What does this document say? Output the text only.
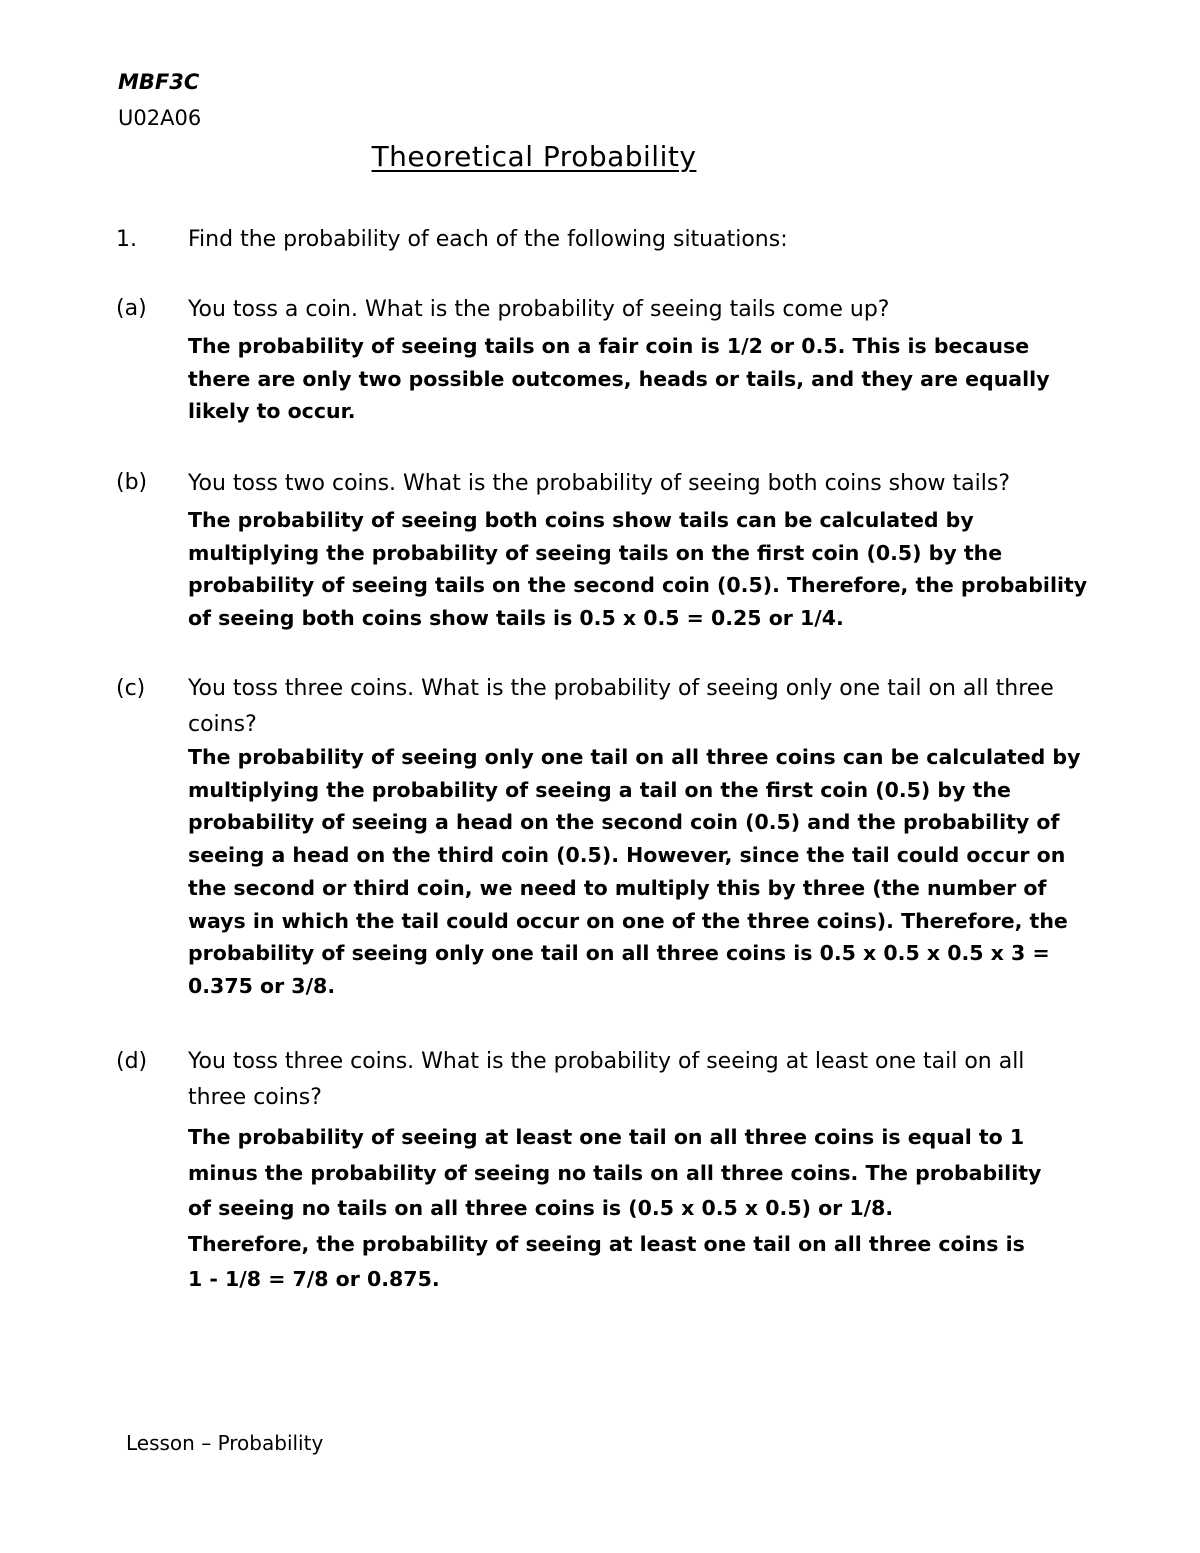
MBF3C
U02A06
Theoretical Probability
1. Find the probability of each of the following situations:
(a) You toss a coin. What is the probability of seeing tails come up?
The probability of seeing tails on a fair coin is 1/2 or 0.5. This is because
there are only two possible outcomes, heads or tails, and they are equally
likely to occur.
(b) You toss two coins. What is the probability of seeing both coins show tails?
The probability of seeing both coins show tails can be calculated by
multiplying the probability of seeing tails on the first coin (0.5) by the
probability of seeing tails on the second coin (0.5). Therefore, the probability
of seeing both coins show tails is 0.5 x 0.5 = 0.25 or 1/4.
(c) You toss three coins. What is the probability of seeing only one tail on all three
coins?
The probability of seeing only one tail on all three coins can be calculated by
multiplying the probability of seeing a tail on the first coin (0.5) by the
probability of seeing a head on the second coin (0.5) and the probability of
seeing a head on the third coin (0.5). However, since the tail could occur on
the second or third coin, we need to multiply this by three (the number of
ways in which the tail could occur on one of the three coins). Therefore, the
probability of seeing only one tail on all three coins is 0.5 x 0.5 x 0.5 x 3 =
0.375 or 3/8.
(d) You toss three coins. What is the probability of seeing at least one tail on all
three coins?
The probability of seeing at least one tail on all three coins is equal to 1
minus the probability of seeing no tails on all three coins. The probability
of seeing no tails on all three coins is (0.5 x 0.5 x 0.5) or 1/8.
Therefore, the probability of seeing at least one tail on all three coins is
1 - 1/8 = 7/8 or 0.875.
Lesson – Probability
